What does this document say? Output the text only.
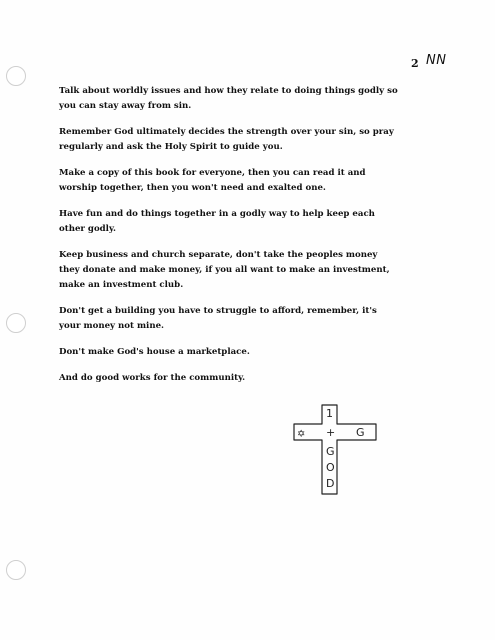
2 NN

Talk about worldly issues and how they relate to doing things godly so
you can stay away from sin.

Remember God ultimately decides the strength over your sin, so pray
regularly and ask the Holy Spirit to guide you.

Make a copy of this book for everyone, then you can read it and
worship together, then you won't need and exalted one.

Have fun and do things together in a godly way to help keep each
other godly.

Keep business and church separate, don't take the peoples money
they donate and make money, if you all want to make an investment,
make an investment club.

Don't get a building you have to struggle to afford, remember, it's
your money not mine.

Don't make God's house a marketplace.

And do good works for the community.

1
+
G
O
D
G
✡
